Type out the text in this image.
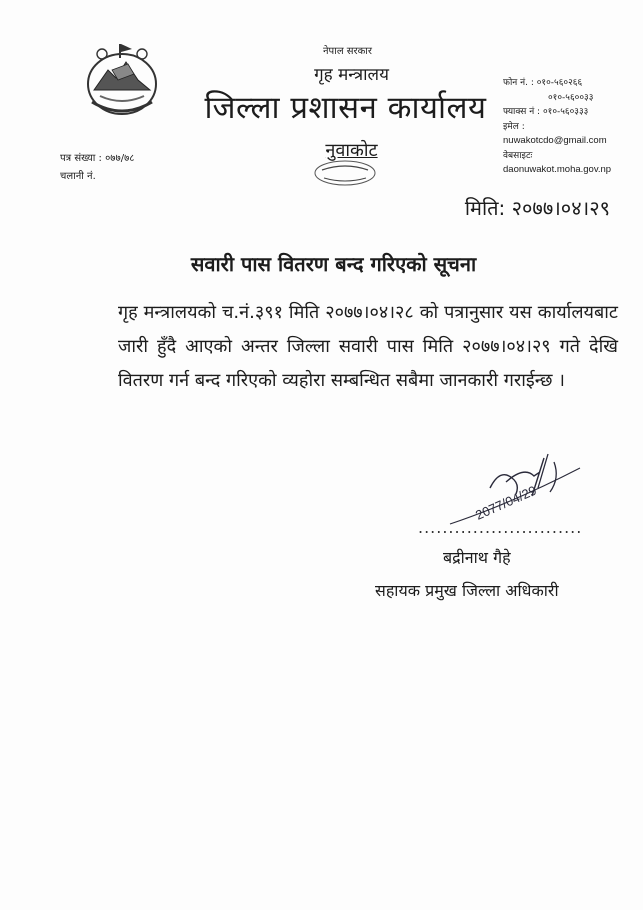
नेपाल सरकार
गृह मन्त्रालय
जिल्ला प्रशासन कार्यालय
नुवाकोट
फोन नं. : ०१०-५६०२६६
०१०-५६००३३
फ्याक्स नं : ०१०-५६०३३३
इमेल :
nuwakotcdo@gmail.com
वेबसाइटः
daonuwakot.moha.gov.np
पत्र संख्या : ०७७/७८
चलानी नं.
मिति: २०७७।०४।२९
सवारी पास वितरण बन्द गरिएको सूचना
गृह मन्त्रालयको च.नं.३९१ मिति २०७७।०४।२८ को पत्रानुसार यस कार्यालयबाट जारी हुँदै आएको अन्तर जिल्ला सवारी पास मिति २०७७।०४।२९ गते देखि वितरण गर्न बन्द गरिएको व्यहोरा सम्बन्धित सबैमा जानकारी गराईन्छ ।
2077/04/29
...........................
बद्रीनाथ गैहे
सहायक प्रमुख जिल्ला अधिकारी
